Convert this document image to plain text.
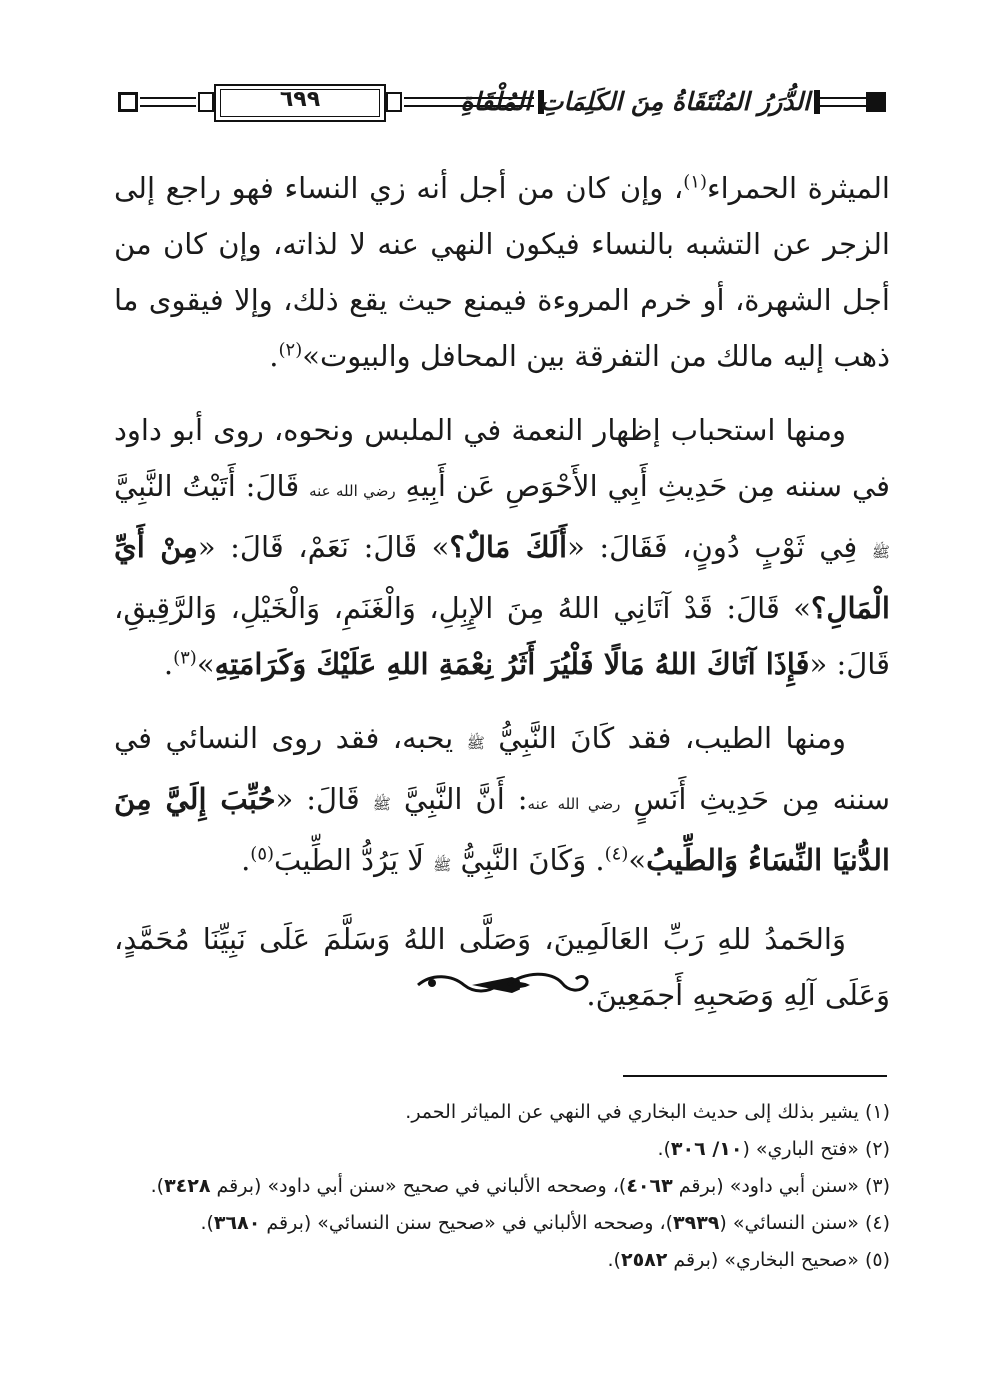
٦٩٩	الدُّرَرُ المُنْتَقَاةُ مِنَ الكَلِمَاتِ المُلْقَاةِ

الميثرة الحمراء$^{(١)}$، وإن كان من أجل أنه زي النساء فهو راجع إلى الزجر عن التشبه بالنساء فيكون النهي عنه لا لذاته، وإن كان من أجل الشهرة، أو خرم المروءة فيمنع حيث يقع ذلك، وإلا فيقوى ما ذهب إليه مالك من التفرقة بين المحافل والبيوت»$^{(٢)}$.

ومنها استحباب إظهار النعمة في الملبس ونحوه، روى أبو داود في سننه مِن حَدِيثِ أَبِي الأَحْوَصِ عَن أَبِيهِ رضي الله عنه قَالَ: أَتَيْتُ النَّبِيَّ ﷺ فِي ثَوْبٍ دُونٍ، فَقَالَ: «أَلَكَ مَالٌ؟» قَالَ: نَعَمْ، قَالَ: «مِنْ أَيِّ الْمَالِ؟» قَالَ: قَدْ آتَانِي اللهُ مِنَ الإِبِلِ، وَالْغَنَمِ، وَالْخَيْلِ، وَالرَّقِيقِ، قَالَ: «فَإِذَا آتَاكَ اللهُ مَالًا فَلْيُرَ أَثَرُ نِعْمَةِ اللهِ عَلَيْكَ وَكَرَامَتِهِ»$^{(٣)}$.

ومنها الطيب، فقد كَانَ النَّبِيُّ ﷺ يحبه، فقد روى النسائي في سننه مِن حَدِيثِ أَنَسٍ رضي الله عنه: أَنَّ النَّبِيَّ ﷺ قَالَ: «حُبِّبَ إِلَيَّ مِنَ الدُّنيَا النِّسَاءُ وَالطِّيبُ»$^{(٤)}$. وَكَانَ النَّبِيُّ ﷺ لَا يَرُدُّ الطِّيبَ$^{(٥)}$.

وَالحَمدُ للهِ رَبِّ العَالَمِينَ، وَصَلَّى اللهُ وَسَلَّمَ عَلَى نَبِيِّنَا مُحَمَّدٍ، وَعَلَى آلِهِ وَصَحبِهِ أَجمَعِينَ.

(١)يشير بذلك إلى حديث البخاري في النهي عن المياثر الحمر.

(٢)«فتح الباري» (١٠/ ٣٠٦).

(٣)«سنن أبي داود» (برقم ٤٠٦٣)، وصححه الألباني في صحيح «سنن أبي داود» (برقم ٣٤٢٨).

(٤)«سنن النسائي» (٣٩٣٩)، وصححه الألباني في «صحيح سنن النسائي» (برقم ٣٦٨٠).

(٥)«صحيح البخاري» (برقم ٢٥٨٢).
